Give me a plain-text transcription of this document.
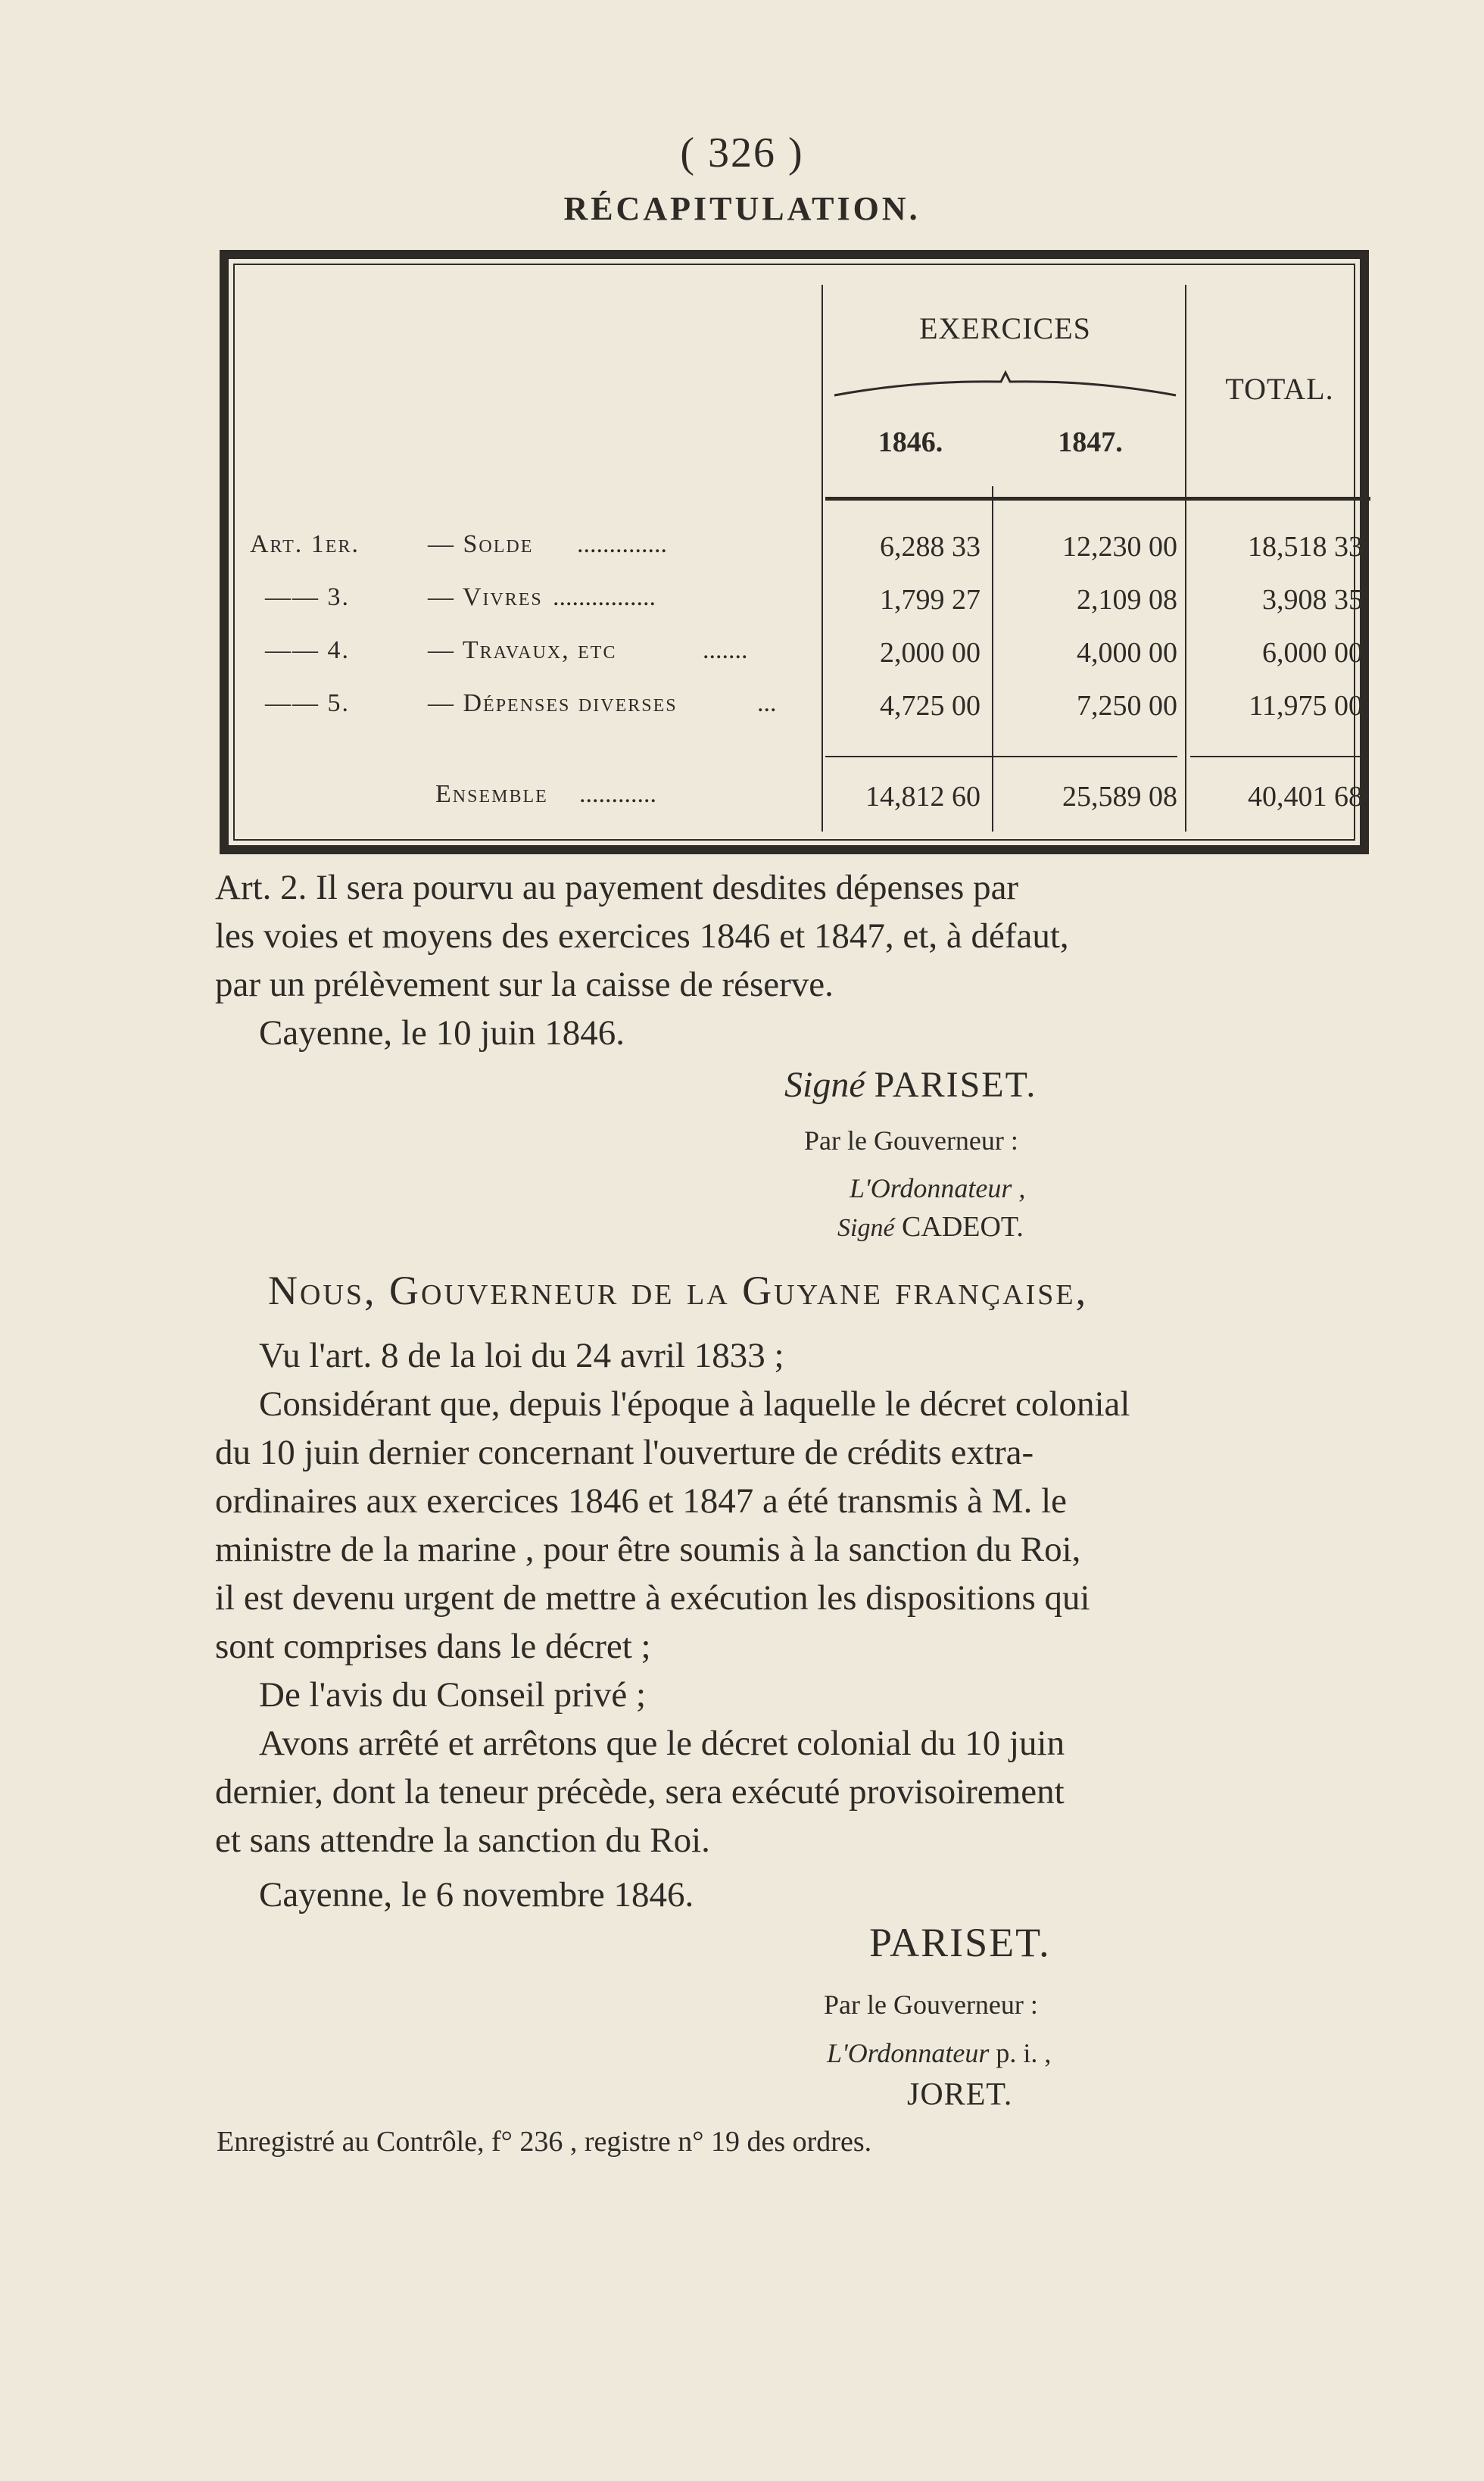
( 326 )
RÉCAPITULATION.
EXERCICES
1846.	1847.
TOTAL.
Art. 1er.	— Solde ..............	6,288 33	12,230 00	18,518 33
—— 3.	— Vivres ................	1,799 27	2,109 08	3,908 35
—— 4.	— Travaux, etc	.......	2,000 00	4,000 00	6,000 00
—— 5.	— Dépenses diverses	...	4,725 00	7,250 00	11,975 00
Ensemble ............	14,812 60	25,589 08	40,401 68
Art. 2. Il sera pourvu au payement desdites dépenses par
les voies et moyens des exercices 1846 et 1847, et, à défaut,
par un prélèvement sur la caisse de réserve.
Cayenne, le 10 juin 1846.
Signé PARISET.
Par le Gouverneur :
L'Ordonnateur ,
Signé CADEOT.
Nous, Gouverneur de la Guyane française,
Vu l'art. 8 de la loi du 24 avril 1833 ;
Considérant que, depuis l'époque à laquelle le décret colonial
du 10 juin dernier concernant l'ouverture de crédits extra-
ordinaires aux exercices 1846 et 1847 a été transmis à M. le
ministre de la marine , pour être soumis à la sanction du Roi,
il est devenu urgent de mettre à exécution les dispositions qui
sont comprises dans le décret ;
De l'avis du Conseil privé ;
Avons arrêté et arrêtons que le décret colonial du 10 juin
dernier, dont la teneur précède, sera exécuté provisoirement
et sans attendre la sanction du Roi.
Cayenne, le 6 novembre 1846.
PARISET.
Par le Gouverneur :
L'Ordonnateur p. i. ,
JORET.
Enregistré au Contrôle, f° 236 , registre n° 19 des ordres.
